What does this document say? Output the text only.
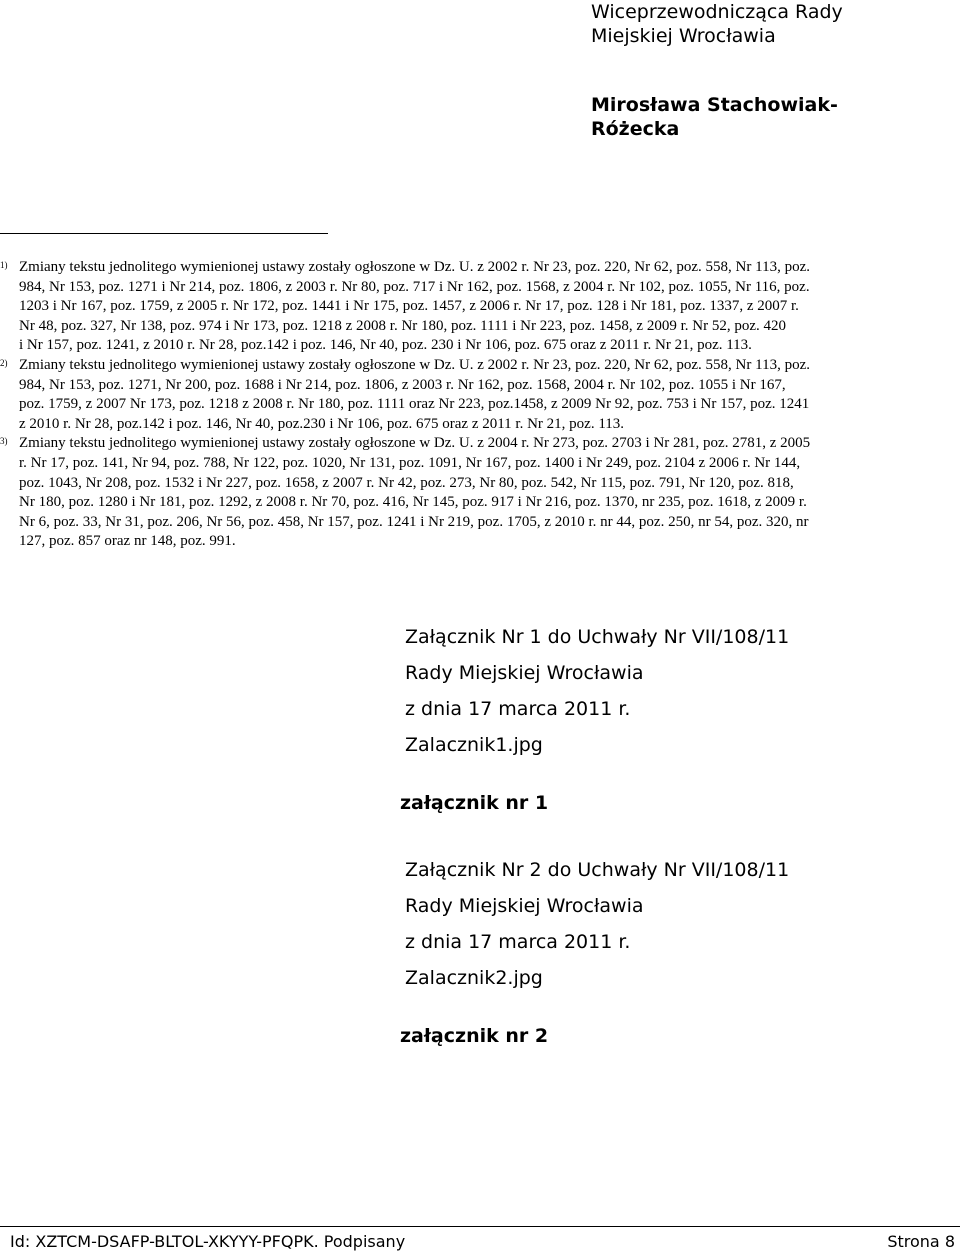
Wiceprzewodnicząca Rady
Miejskiej Wrocławia
Mirosława Stachowiak-
Różecka
1) Zmiany tekstu jednolitego wymienionej ustawy zostały ogłoszone w Dz. U. z 2002 r. Nr 23, poz. 220, Nr 62, poz. 558, Nr 113, poz.
984, Nr 153, poz. 1271 i Nr 214, poz. 1806, z 2003 r. Nr 80, poz. 717 i Nr 162, poz. 1568, z 2004 r. Nr 102, poz. 1055, Nr 116, poz.
1203 i Nr 167, poz. 1759, z 2005 r. Nr 172, poz. 1441 i Nr 175, poz. 1457, z 2006 r. Nr 17, poz. 128 i Nr 181, poz. 1337, z 2007 r.
Nr 48, poz. 327, Nr 138, poz. 974 i Nr 173, poz. 1218 z 2008 r. Nr 180, poz. 1111 i Nr 223, poz. 1458, z 2009 r. Nr 52, poz. 420
i Nr 157, poz. 1241, z 2010 r. Nr 28, poz.142 i poz. 146, Nr 40, poz. 230 i Nr 106, poz. 675 oraz z 2011 r. Nr 21, poz. 113.
2) Zmiany tekstu jednolitego wymienionej ustawy zostały ogłoszone w Dz. U. z 2002 r. Nr 23, poz. 220, Nr 62, poz. 558, Nr 113, poz.
984, Nr 153, poz. 1271, Nr 200, poz. 1688 i Nr 214, poz. 1806, z 2003 r. Nr 162, poz. 1568, 2004 r. Nr 102, poz. 1055 i Nr 167,
poz. 1759, z 2007 Nr 173, poz. 1218 z 2008 r. Nr 180, poz. 1111 oraz Nr 223, poz.1458, z 2009 Nr 92, poz. 753 i Nr 157, poz. 1241
z 2010 r. Nr 28, poz.142 i poz. 146, Nr 40, poz.230 i Nr 106, poz. 675 oraz z 2011 r. Nr 21, poz. 113.
3) Zmiany tekstu jednolitego wymienionej ustawy zostały ogłoszone w Dz. U. z 2004 r. Nr 273, poz. 2703 i Nr 281, poz. 2781, z 2005
r. Nr 17, poz. 141, Nr 94, poz. 788, Nr 122, poz. 1020, Nr 131, poz. 1091, Nr 167, poz. 1400 i Nr 249, poz. 2104 z 2006 r. Nr 144,
poz. 1043, Nr 208, poz. 1532 i Nr 227, poz. 1658, z 2007 r. Nr 42, poz. 273, Nr 80, poz. 542, Nr 115, poz. 791, Nr 120, poz. 818,
Nr 180, poz. 1280 i Nr 181, poz. 1292, z 2008 r. Nr 70, poz. 416, Nr 145, poz. 917 i Nr 216, poz. 1370, nr 235, poz. 1618, z 2009 r.
Nr 6, poz. 33, Nr 31, poz. 206, Nr 56, poz. 458, Nr 157, poz. 1241 i Nr 219, poz. 1705, z 2010 r. nr 44, poz. 250, nr 54, poz. 320, nr
127, poz. 857 oraz nr 148, poz. 991.
Załącznik Nr 1 do Uchwały Nr VII/108/11
Rady Miejskiej Wrocławia
z dnia 17 marca 2011 r.
Zalacznik1.jpg
załącznik nr 1
Załącznik Nr 2 do Uchwały Nr VII/108/11
Rady Miejskiej Wrocławia
z dnia 17 marca 2011 r.
Zalacznik2.jpg
załącznik nr 2
Id: XZTCM-DSAFP-BLTOL-XKYYY-PFQPK. Podpisany	Strona 8
